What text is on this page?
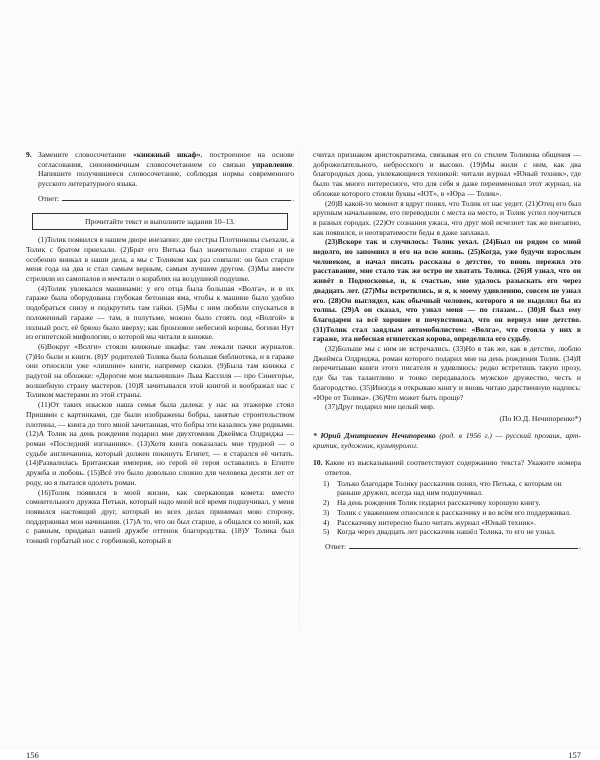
9. Замените словосочетание «книжный шкаф», построенное на основе согласования, синонимичным словосочетанием со связью управление. Напишите получившееся словосочетание, соблюдая нормы современного русского литературного языка.

Ответ:	.
Прочитайте текст и выполните задания 10–13.

(1)Толик появился в нашем дворе внезапно: две сестры Плотниковы съехали, а Толик с братом приехали. (2)Брат его Витька был значительно старше и не особенно вникал в наши дела, а мы с Толиком как раз совпали: он был старше меня года на два и стал самым верным, самым лучшим другом. (3)Мы вместе стреляли из самопалов и мечтали о кораблях на воздушной подушке.

(4)Толик увлекался машинами: у его отца была большая «Волга», и в их гараже была оборудована глубокая бетонная яма, чтобы к машине было удобно подобраться снизу и подкрутить там гайки. (5)Мы с ним любили спускаться в положенный гараже — там, в полутьме, можно было стоять под «Волгой» в полный рост, её брюхо было вверху; как бронзовое небесной коровы, богини Нут из египетской мифологии, о которой мы читали в книжке.

(6)Вокруг «Волги» стояли книжные шкафы: там лежали пачки журналов. (7)Но были и книги. (8)У родителей Толика была большая библиотека, и в гараже они относили уже «лишние» книги, например сказки. (9)Была там книжка с радугой на обложке: «Дорогие мои мальчишки» Льва Кассиля — про Синегорье, волшебную страну мастеров. (10)Я зачитывался этой книгой и воображал нас с Толиком мастерами из этой страны.

(11)От таких изысков наша семья была далека: у нас на этажерке стоял Пришвин с картинками, где были изображены бобры, занятые строительством плотины, — книга до того мной зачитанная, что бобры эти казались уже родными. (12)А Толик на день рождения подарил мне двухтомник Джеймса Олдриджа — роман «Последний изгнанник». (13)Хотя книга показалась мне трудной — о судьбе англичанина, который должен покинуть Египет, — я старался её читать. (14)Развалилась Британская империя, но герой её героя оставались в Египте дружба и любовь. (15)Всё это было довольно сложно для человека десяти лет от роду, но я пытался одолеть роман.

(16)Толик появился в моей жизни, как сверкающая комета: вместо сомнительного дружка Петьки, который надо мной всё время подшучивал, у меня появился настоящий друг, который во всех делах принимал мою сторону, поддерживал мои начинания. (17)А то, что он был старше, а общался со мной, как с равным, придавал нашей дружбе оттенок благородства. (18)У Толика был тонкий горбатый нос с горбинкой, который я

156

считал признаком аристократизма, связывая его со стилем Толикова общения — доброжелательного, небросского и высоко. (19)Мы жили с ним, как два благородных дона, увлекающиеся техникой: читали журнал «Юный техник», где было так много интересного, что для себя я даже переименовал этот журнал, на обложке которого стояли буквы «ЮТ», в «Юра — Толик».

(20)В какой-то момент я вдруг понял, что Толик от нас уедет. (21)Отец его был крупным начальником, его переводили с места на место, и Толик успел поучиться в разных городах. (22)От сознания ужаса, что друг мой исчезнет так же внезапно, как появился, и неотвратимости беды я даже заплакал.

(23)Вскоре так и случилось: Толик уехал. (24)Был он рядом со мной недолго, но запомнил я его на всю жизнь. (25)Когда, уже будучи взрослым человеком, я начал писать рассказы о детстве, то вновь пережил это расставание, мне стало так же остро не хватать Толика. (26)Я узнал, что он живёт в Подмосковье, и, к счастью, мне удалось разыскать его через двадцать лет. (27)Мы встретились, и я, к моему удивлению, совсем не узнал его. (28)Он выглядел, как обычный человек, которого я не выделил бы из толпы. (29)А он сказал, что узнал меня — по глазам… (30)Я был ему благодарен за всё хорошее и почувствовал, что он вернул мне детство. (31)Толик стал заядлым автомобилистом: «Волга», что стояла у них в гараже, эта небесная египетская корова, определила его судьбу.

(32)Больше мы с ним не встречались. (33)Но я так же, как в детстве, люблю Джеймса Олдриджа, роман которого подарил мне на день рождения Толик. (34)Я перечитываю книги этого писателя и удивляюсь: редко встретишь такую прозу, где бы так талантливо и тонко передавалось мужское дружество, честь и благородство. (35)Иногда я открываю книгу и вновь читаю дарственную надпись: «Юре от Толика». (36)Что может быть проще?

(37)Друг подарил мне целый мир.

(По Ю.Д. Нечипоренко*)

* Юрий Дмитриевич Нечипоренко (род. в 1956 г.) — русский прозаик, арт-критик, художник, культуролог.

10. Какие из высказываний соответствуют содержанию текста? Укажите номера ответов.

1) Только благодаря Толику рассказчик понял, что Петька, с которым он раньше дружил, всегда над ним подшучивал.
2) На день рождения Толик подарил рассказчику хорошую книгу.
3) Толик с уважением относился к рассказчику и во всём его поддерживал.
4) Рассказчику интересно было читать журнал «Юный техник».
5) Когда через двадцать лет рассказчик нашёл Толика, то его не узнал.
Ответ:	.
157
